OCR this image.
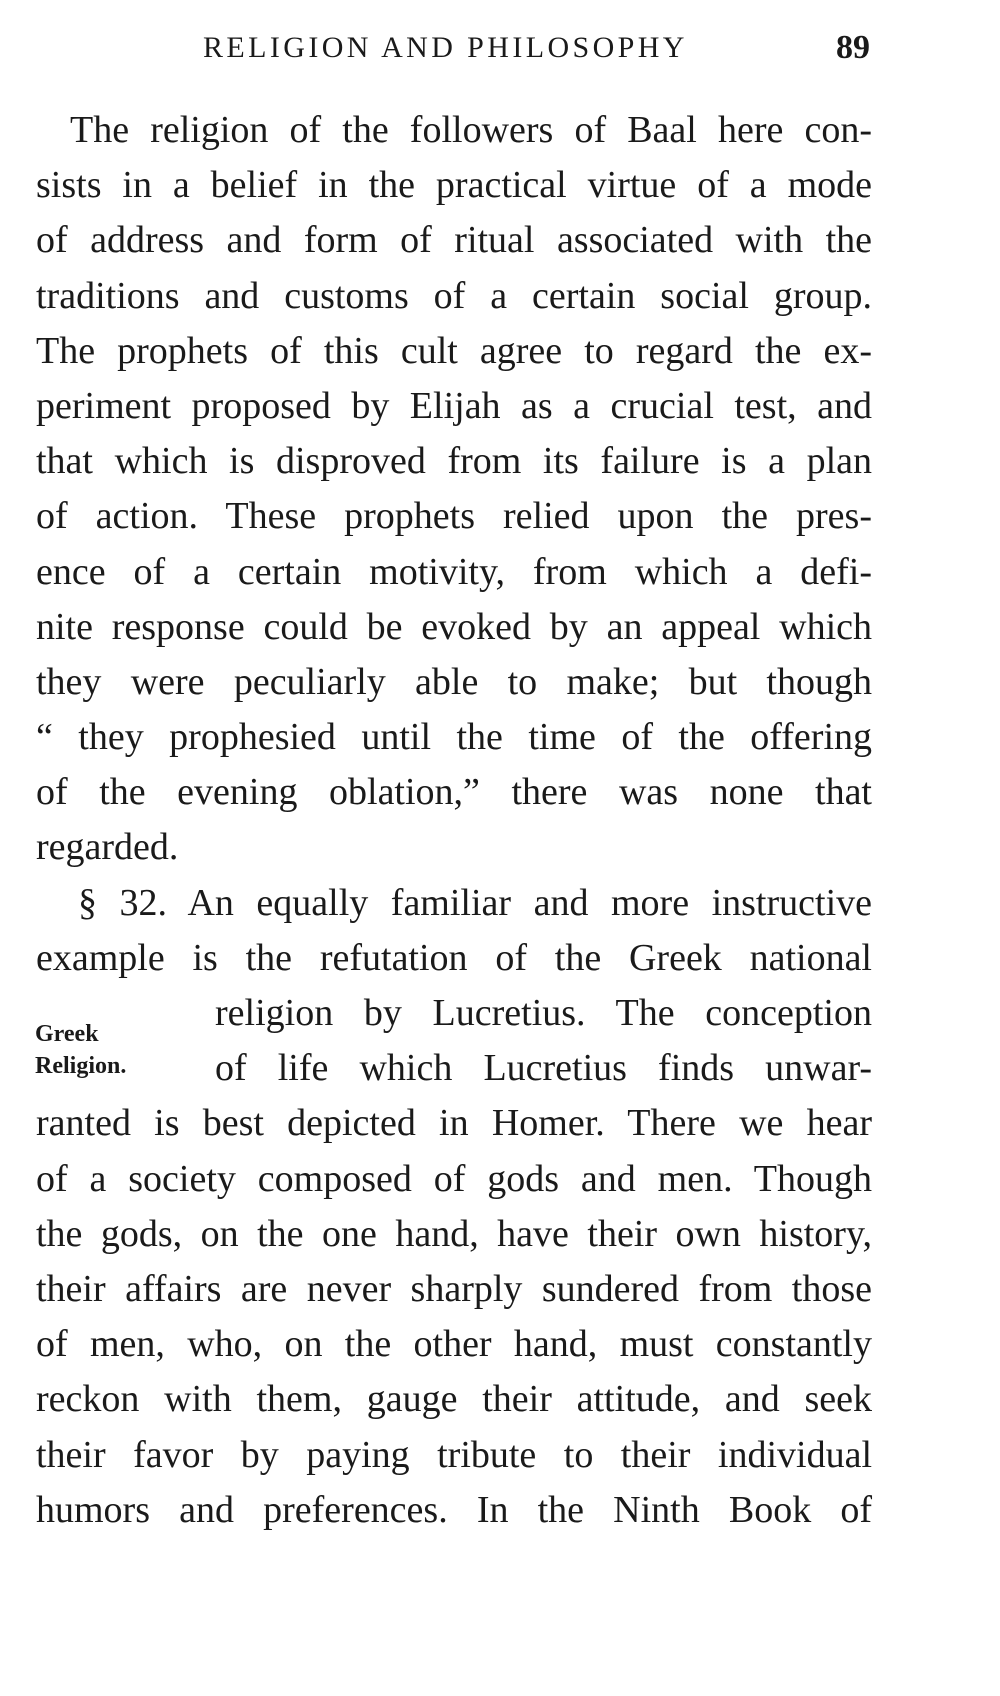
RELIGION AND PHILOSOPHY	89
Greek
Religion.
The religion of the followers of Baal here con-
sists in a belief in the practical virtue of a mode
of address and form of ritual associated with the
traditions and customs of a certain social group.
The prophets of this cult agree to regard the ex-
periment proposed by Elijah as a crucial test, and
that which is disproved from its failure is a plan
of action. These prophets relied upon the pres-
ence of a certain motivity, from which a defi-
nite response could be evoked by an appeal which
they were peculiarly able to make; but though
“ they prophesied until the time of the offering
of the evening oblation,” there was none that
regarded.
§ 32. An equally familiar and more instructive
example is the refutation of the Greek national
religion by Lucretius. The conception
of life which Lucretius finds unwar-
ranted is best depicted in Homer. There we hear
of a society composed of gods and men. Though
the gods, on the one hand, have their own history,
their affairs are never sharply sundered from those
of men, who, on the other hand, must constantly
reckon with them, gauge their attitude, and seek
their favor by paying tribute to their individual
humors and preferences. In the Ninth Book of
